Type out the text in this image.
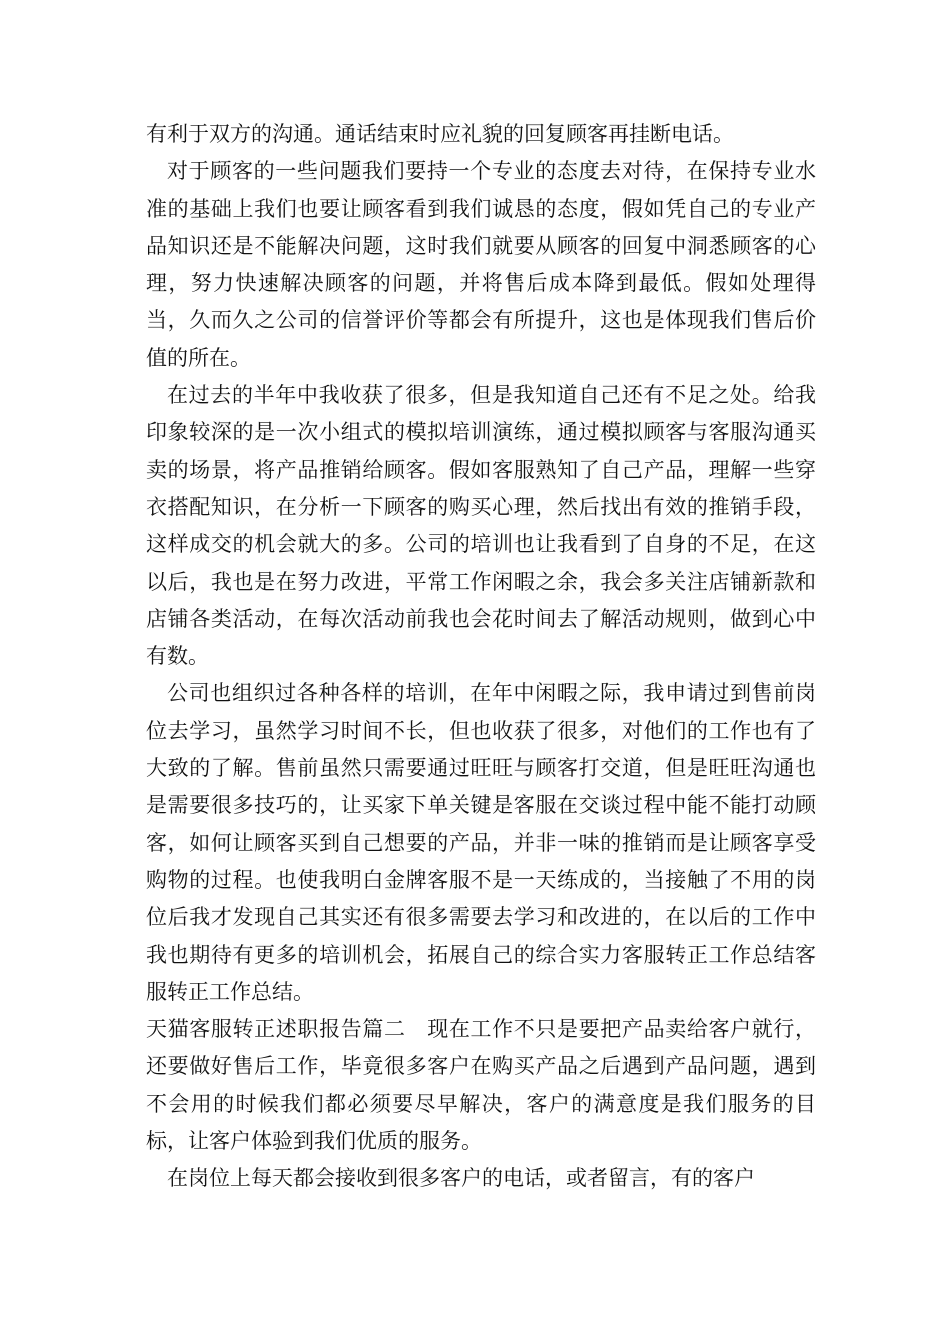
有利于双方的沟通。通话结束时应礼貌的回复顾客再挂断电话。

对于顾客的一些问题我们要持一个专业的态度去对待，在保持专业水准的基础上我们也要让顾客看到我们诚恳的态度，假如凭自己的专业产品知识还是不能解决问题，这时我们就要从顾客的回复中洞悉顾客的心理，努力快速解决顾客的问题，并将售后成本降到最低。假如处理得当，久而久之公司的信誉评价等都会有所提升，这也是体现我们售后价值的所在。

在过去的半年中我收获了很多，但是我知道自己还有不足之处。给我印象较深的是一次小组式的模拟培训演练，通过模拟顾客与客服沟通买卖的场景，将产品推销给顾客。假如客服熟知了自己产品，理解一些穿衣搭配知识，在分析一下顾客的购买心理，然后找出有效的推销手段，这样成交的机会就大的多。公司的培训也让我看到了自身的不足，在这以后，我也是在努力改进，平常工作闲暇之余，我会多关注店铺新款和店铺各类活动，在每次活动前我也会花时间去了解活动规则，做到心中有数。

公司也组织过各种各样的培训，在年中闲暇之际，我申请过到售前岗位去学习，虽然学习时间不长，但也收获了很多，对他们的工作也有了大致的了解。售前虽然只需要通过旺旺与顾客打交道，但是旺旺沟通也是需要很多技巧的，让买家下单关键是客服在交谈过程中能不能打动顾客，如何让顾客买到自己想要的产品，并非一味的推销而是让顾客享受购物的过程。也使我明白金牌客服不是一天练成的，当接触了不用的岗位后我才发现自己其实还有很多需要去学习和改进的，在以后的工作中我也期待有更多的培训机会，拓展自己的综合实力客服转正工作总结客服转正工作总结。

天猫客服转正述职报告篇二　现在工作不只是要把产品卖给客户就行，还要做好售后工作，毕竟很多客户在购买产品之后遇到产品问题，遇到不会用的时候我们都必须要尽早解决，客户的满意度是我们服务的目标，让客户体验到我们优质的服务。

在岗位上每天都会接收到很多客户的电话，或者留言，有的客户
